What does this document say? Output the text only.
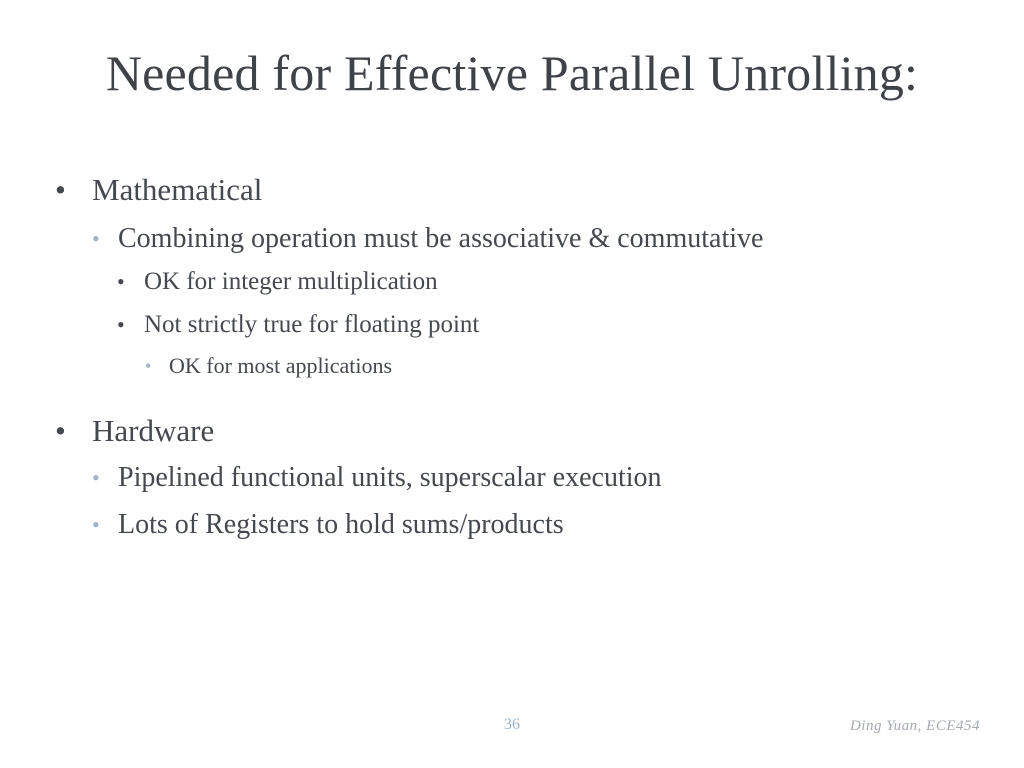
Needed for Effective Parallel Unrolling:
• Mathematical
• Combining operation must be associative & commutative
• OK for integer multiplication
• Not strictly true for floating point
• OK for most applications
• Hardware
• Pipelined functional units, superscalar execution
• Lots of Registers to hold sums/products
36	Ding Yuan, ECE454
